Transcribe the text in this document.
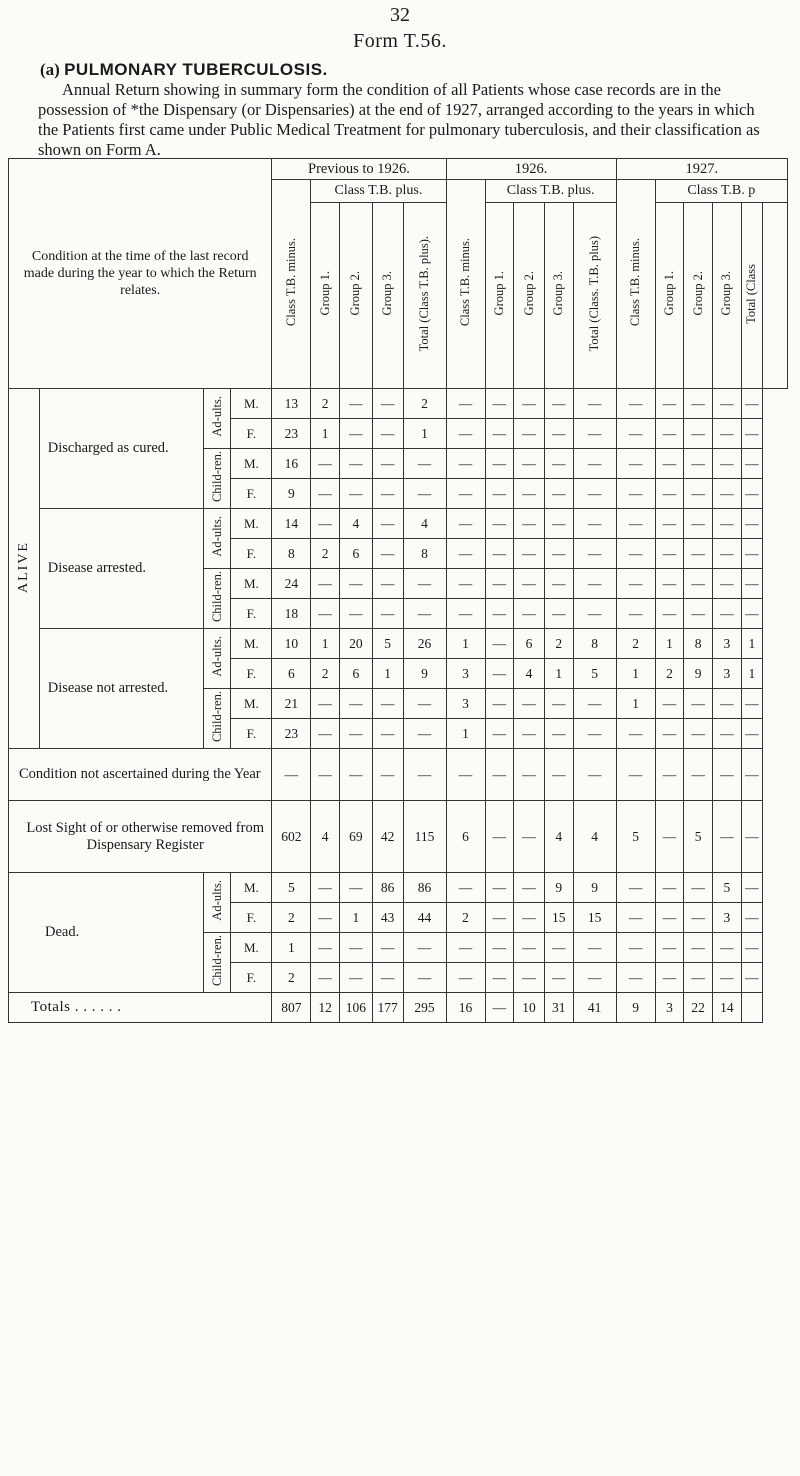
32
Form T.56.
(a) PULMONARY TUBERCULOSIS.
Annual Return showing in summary form the condition of all Patients whose case records are in the possession of *the Dispensary (or Dispensaries) at the end of 1927, arranged according to the years in which the Patients first came under Public Medical Treatment for pulmonary tuberculosis, and their classification as shown on Form A.
Condition at the time of the last record made during the year to which the Return relates.				Previous to 1926.					1926.					1927.					
				Class T.B. minus.	Class T.B. plus.				Class T.B. minus.	Class T.B. plus.				Class T.B. minus.	Class T.B. p				
					Group 1.	Group 2.	Group 3.	Total (Class T.B. plus).		Group 1.	Group 2.	Group 3.	Total (Class. T.B. plus)		Group 1.	Group 2.	Group 3.	Total (Class	
ALIVE	Discharged as cured.	Ad-ults.	M.	13	2	—	—	2	—	—	—	—	—	—	—	—	—	—	
			F.	23	1	—	—	1	—	—	—	—	—	—	—	—	—	—	
		Child-ren.	M.	16	—	—	—	—	—	—	—	—	—	—	—	—	—	—	
			F.	9	—	—	—	—	—	—	—	—	—	—	—	—	—	—	
	Disease arrested.	Ad-ults.	M.	14	—	4	—	4	—	—	—	—	—	—	—	—	—	—	
			F.	8	2	6	—	8	—	—	—	—	—	—	—	—	—	—	
		Child-ren.	M.	24	—	—	—	—	—	—	—	—	—	—	—	—	—	—	
			F.	18	—	—	—	—	—	—	—	—	—	—	—	—	—	—	
	Disease not arrested.	Ad-ults.	M.	10	1	20	5	26	1	—	6	2	8	2	1	8	3	1	
			F.	6	2	6	1	9	3	—	4	1	5	1	2	9	3	1	
		Child-ren.	M.	21	—	—	—	—	3	—	—	—	—	1	—	—	—	—	
			F.	23	—	—	—	—	1	—	—	—	—	—	—	—	—	—	
Condition not ascertained during the Year				—	—	—	—	—	—	—	—	—	—	—	—	—	—	—	
Lost Sight of or otherwise removed from Dispensary Register				602	4	69	42	115	6	—	—	4	4	5	—	5	—	—	
Dead.		Ad-ults.	M.	5	—	—	86	86	—	—	—	9	9	—	—	—	5	—	
			F.	2	—	1	43	44	2	—	—	15	15	—	—	—	3	—	
		Child-ren.	M.	1	—	—	—	—	—	—	—	—	—	—	—	—	—	—	
			F.	2	—	—	—	—	—	—	—	—	—	—	—	—	—	—	
Totals . . . . . .				807	12	106	177	295	16	—	10	31	41	9	3	22	14		
